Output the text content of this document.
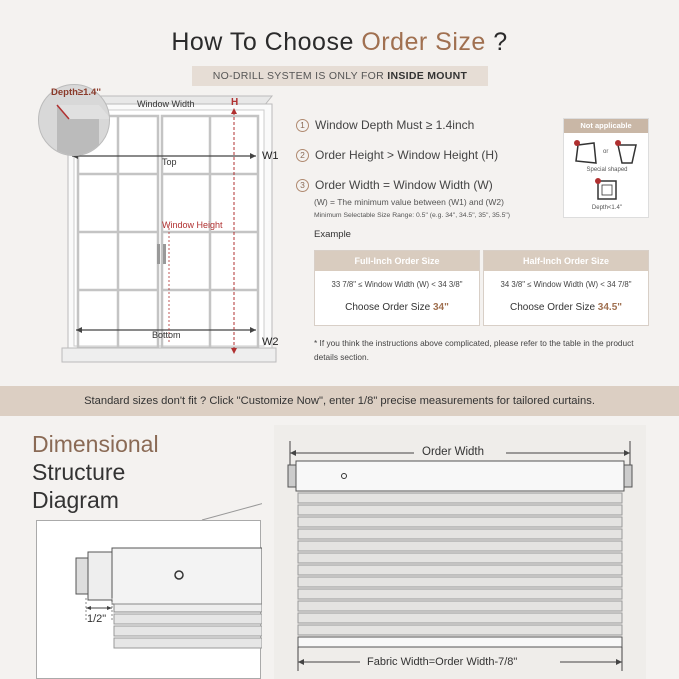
How To Choose Order Size ?
NO-DRILL SYSTEM IS ONLY FOR INSIDE MOUNT
Depth≥1.4''
Window Width	H
Top	W1
Window Height
Bottom
W2
1 Window Depth Must ≥ 1.4inch
2 Order Height > Window Height (H)
3 Order Width = Window Width (W)
(W) = The minimum value between (W1) and (W2)
Minimum Selectable Size Range: 0.5" (e.g. 34", 34.5", 35", 35.5")
Not applicable
or
Special shaped
Depth<1.4''
Example
Full-Inch Order Size
33 7/8" ≤ Window Width (W) < 34 3/8"
Choose Order Size 34"
Half-Inch Order Size
34 3/8" ≤ Window Width (W) < 34 7/8"
Choose Order Size 34.5"
* If you think the instructions above complicated, please refer to the table in the product details section.
Standard sizes don't fit ? Click "Customize Now", enter 1/8" precise measurements for tailored curtains.
Dimensional
Structure
Diagram
1/2"
Order Width
Fabric Width=Order Width-7/8"
